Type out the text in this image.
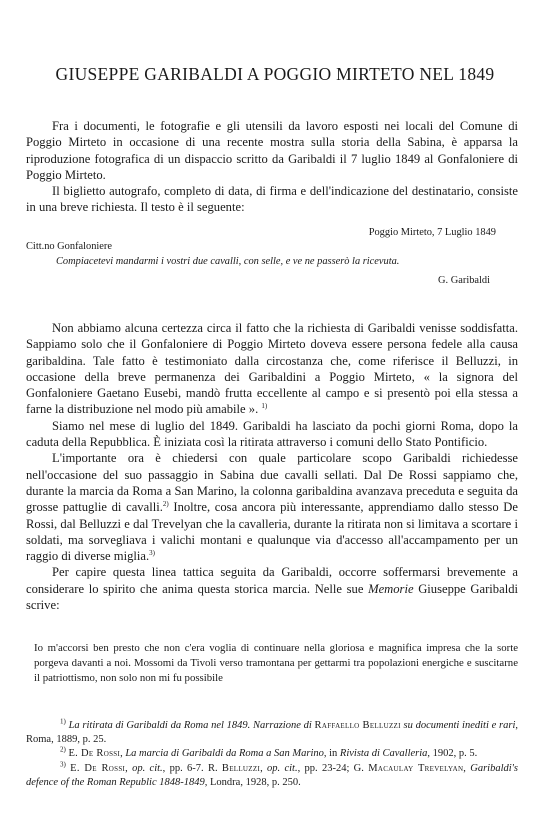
GIUSEPPE GARIBALDI A POGGIO MIRTETO NEL 1849

Fra i documenti, le fotografie e gli utensili da lavoro esposti nei locali del Comune di Poggio Mirteto in occasione di una recente mostra sulla storia della Sabina, è apparsa la riproduzione fotografica di un dispaccio scritto da Garibaldi il 7 luglio 1849 al Gonfaloniere di Poggio Mirteto.

Il biglietto autografo, completo di data, di firma e dell'indicazione del destinatario, consiste in una breve richiesta. Il testo è il seguente:

Poggio Mirteto, 7 Luglio 1849
Citt.no Gonfaloniere
Compiacetevi mandarmi i vostri due cavalli, con selle, e ve ne passerò la ricevuta.
G. Garibaldi

Non abbiamo alcuna certezza circa il fatto che la richiesta di Garibaldi venisse soddisfatta. Sappiamo solo che il Gonfaloniere di Poggio Mirteto doveva essere persona fedele alla causa garibaldina. Tale fatto è testimoniato dalla circostanza che, come riferisce il Belluzzi, in occasione della breve permanenza dei Garibaldini a Poggio Mirteto, « la signora del Gonfaloniere Gaetano Eusebi, mandò frutta eccellente al campo e si presentò poi ella stessa a farne la distribuzione nel modo più amabile ». $^{1)}$

Siamo nel mese di luglio del 1849. Garibaldi ha lasciato da pochi giorni Roma, dopo la caduta della Repubblica. È iniziata così la ritirata attraverso i comuni dello Stato Pontificio.

L'importante ora è chiedersi con quale particolare scopo Garibaldi richiedesse nell'occasione del suo passaggio in Sabina due cavalli sellati. Dal De Rossi sappiamo che, durante la marcia da Roma a San Marino, la colonna garibaldina avanzava preceduta e seguita da grosse pattuglie di cavalli.$^{2)}$ Inoltre, cosa ancora più interessante, apprendiamo dallo stesso De Rossi, dal Belluzzi e dal Trevelyan che la cavalleria, durante la ritirata non si limitava a scortare i soldati, ma sorvegliava i valichi montani e qualunque via d'accesso all'accampamento per un raggio di diverse miglia.$^{3)}$

Per capire questa linea tattica seguita da Garibaldi, occorre soffermarsi brevemente a considerare lo spirito che anima questa storica marcia. Nelle sue Memorie Giuseppe Garibaldi scrive:

Io m'accorsi ben presto che non c'era voglia di continuare nella gloriosa e magnifica impresa che la sorte porgeva davanti a noi. Mossomi da Tivoli verso tramontana per gettarmi tra popolazioni energiche e suscitarne il patriottismo, non solo non mi fu possibile

$^{1)}$ La ritirata di Garibaldi da Roma nel 1849. Narrazione di Raffaello Belluzzi su documenti inediti e rari, Roma, 1889, p. 25.

$^{2)}$ E. De Rossi, La marcia di Garibaldi da Roma a San Marino, in Rivista di Cavalleria, 1902, p. 5.

$^{3)}$ E. De Rossi, op. cit., pp. 6-7. R. Belluzzi, op. cit., pp. 23-24; G. Macaulay Trevelyan, Garibaldi's defence of the Roman Republic 1848-1849, Londra, 1928, p. 250.
